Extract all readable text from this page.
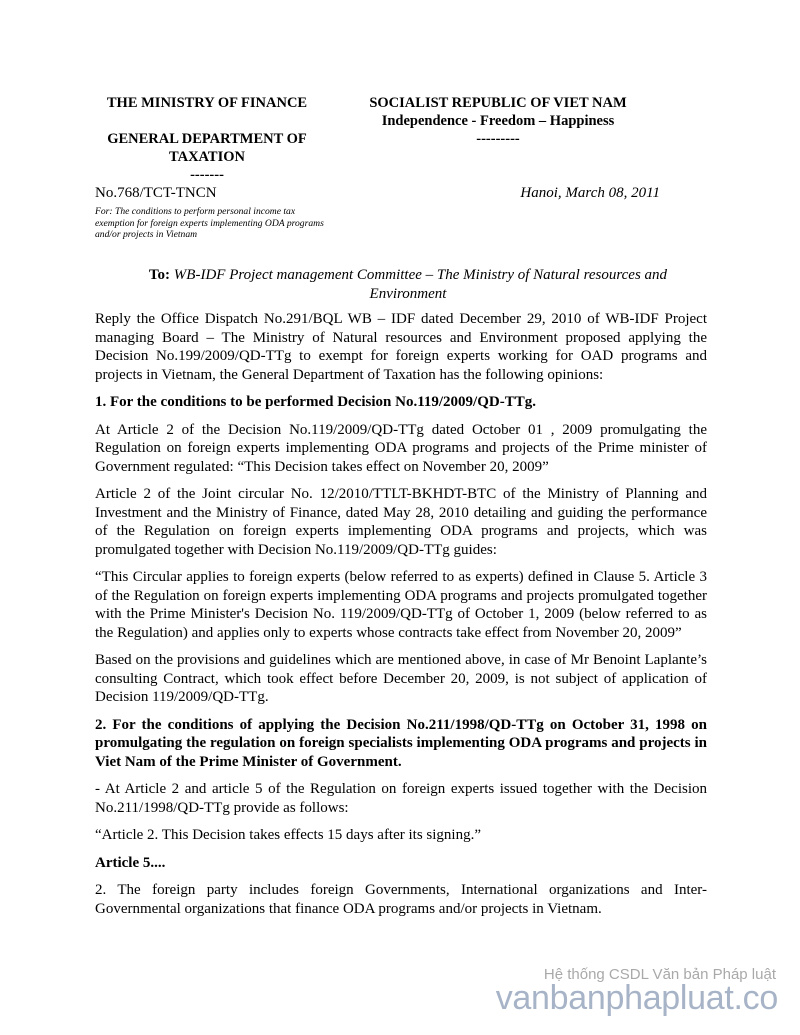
THE MINISTRY OF FINANCE
GENERAL DEPARTMENT OF TAXATION
-------
SOCIALIST REPUBLIC OF VIET NAM
Independence - Freedom – Happiness
---------
No.768/TCT-TNCN	Hanoi, March 08, 2011
For: The conditions to perform personal income tax exemption for foreign experts implementing ODA programs and/or projects in Vietnam
To: WB-IDF Project management Committee – The Ministry of Natural resources and Environment

Reply the Office Dispatch No.291/BQL WB – IDF dated December 29, 2010 of WB-IDF Project managing Board – The Ministry of Natural resources and Environment proposed applying the Decision No.199/2009/QD-TTg to exempt for foreign experts working for OAD programs and projects in Vietnam, the General Department of Taxation has the following opinions:

1. For the conditions to be performed Decision No.119/2009/QD-TTg.

At Article 2 of the Decision No.119/2009/QD-TTg dated October 01 , 2009 promulgating the Regulation on foreign experts implementing ODA programs and projects of the Prime minister of Government regulated: “This Decision takes effect on November 20, 2009”

Article 2 of the Joint circular No. 12/2010/TTLT-BKHDT-BTC of the Ministry of Planning and Investment and the Ministry of Finance, dated May 28, 2010 detailing and guiding the performance of the Regulation on foreign experts implementing ODA programs and projects, which was promulgated together with Decision No.119/2009/QD-TTg guides:

“This Circular applies to foreign experts (below referred to as experts) defined in Clause 5. Article 3 of the Regulation on foreign experts implementing ODA programs and projects promulgated together with the Prime Minister's Decision No. 119/2009/QD-TTg of October 1, 2009 (below referred to as the Regulation) and applies only to experts whose contracts take effect from November 20, 2009”

Based on the provisions and guidelines which are mentioned above, in case of Mr Benoint Laplante’s consulting Contract, which took effect before December 20, 2009, is not subject of application of Decision 119/2009/QD-TTg.

2. For the conditions of applying the Decision No.211/1998/QD-TTg on October 31, 1998 on promulgating the regulation on foreign specialists implementing ODA programs and projects in Viet Nam of the Prime Minister of Government.

- At Article 2 and article 5 of the Regulation on foreign experts issued together with the Decision No.211/1998/QD-TTg provide as follows:

“Article 2. This Decision takes effects 15 days after its signing.”

Article 5....

2. The foreign party includes foreign Governments, International organizations and Inter-Governmental organizations that finance ODA programs and/or projects in Vietnam.

Hệ thống CSDL Văn bản Pháp luật
vanbanphapluat.co
